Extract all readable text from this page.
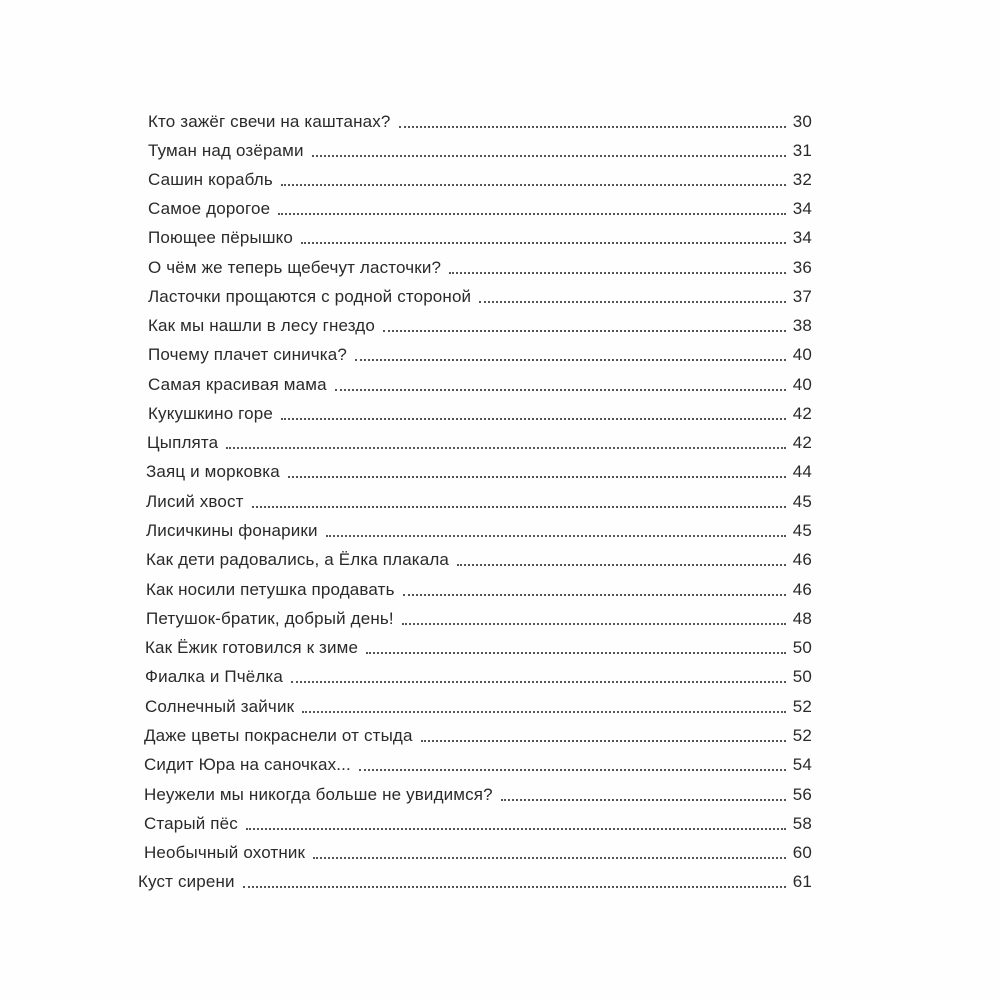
Кто зажёг свечи на каштанах?	30
Туман над озёрами	31
Сашин корабль	32
Самое дорогое	34
Поющее пёрышко	34
О чём же теперь щебечут ласточки?	36
Ласточки прощаются с родной стороной	37
Как мы нашли в лесу гнездо	38
Почему плачет синичка?	40
Самая красивая мама	40
Кукушкино горе	42
Цыплята	42
Заяц и морковка	44
Лисий хвост	45
Лисичкины фонарики	45
Как дети радовались, а Ёлка плакала	46
Как носили петушка продавать	46
Петушок-братик, добрый день!	48
Как Ёжик готовился к зиме	50
Фиалка и Пчёлка	50
Солнечный зайчик	52
Даже цветы покраснели от стыда	52
Сидит Юра на саночках...	54
Неужели мы никогда больше не увидимся?	56
Старый пёс	58
Необычный охотник	60
Куст сирени	61
